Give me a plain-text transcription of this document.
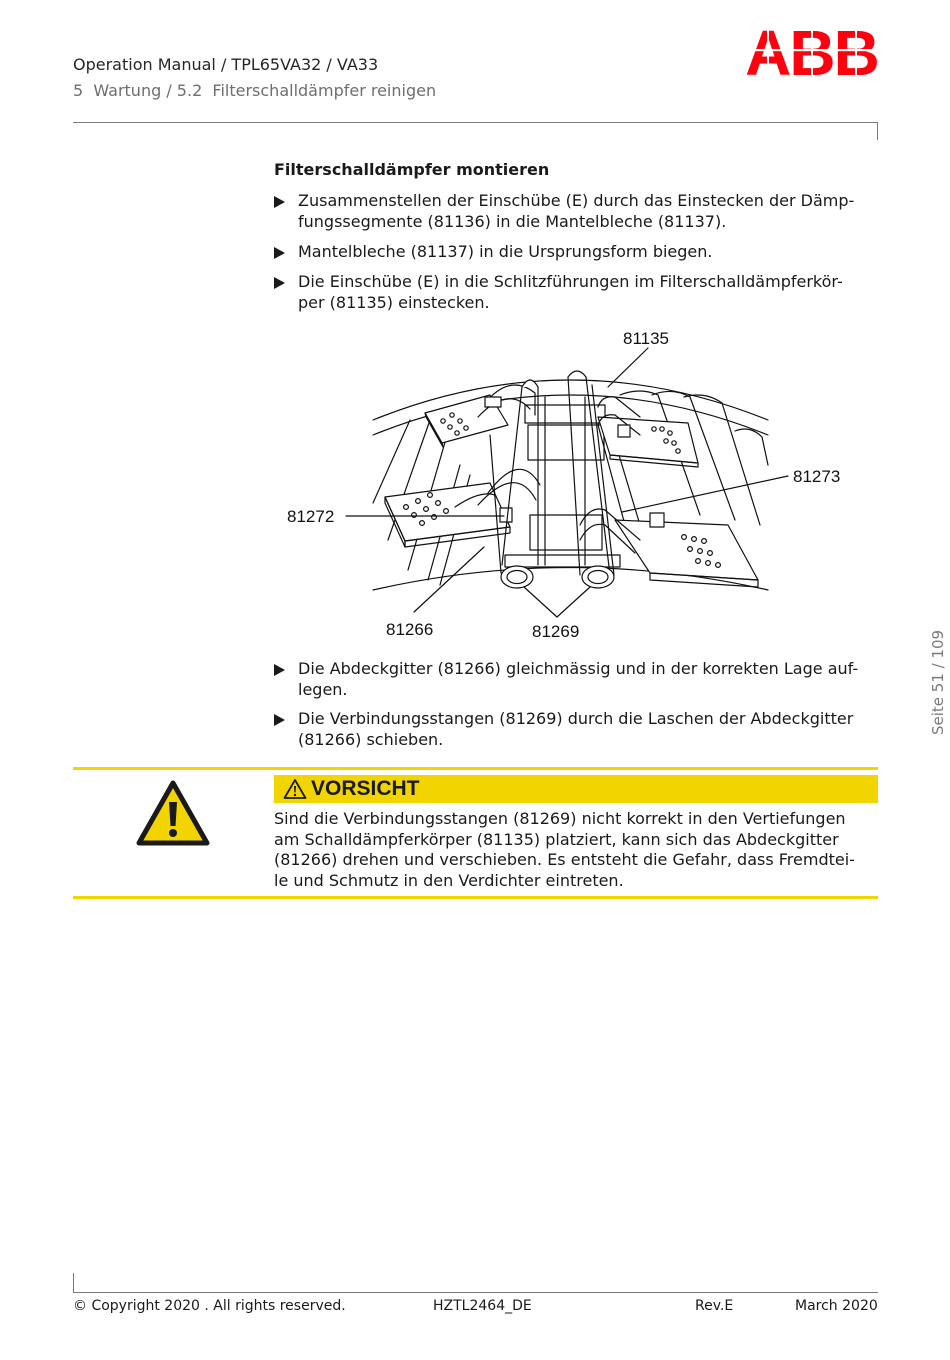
Operation Manual / TPL65VA32 / VA33
5  Wartung / 5.2  Filterschalldämpfer reinigen
Filterschalldämpfer montieren
Zusammenstellen der Einschübe (E) durch das Einstecken der Dämp-
fungssegmente (81136) in die Mantelbleche (81137).
Mantelbleche (81137) in die Ursprungsform biegen.
Die Einschübe (E) in die Schlitzführungen im Filterschalldämpferkör-
per (81135) einstecken.
81135
81273
81272
81266	81269
Die Abdeckgitter (81266) gleichmässig und in der korrekten Lage auf-
legen.
Die Verbindungsstangen (81269) durch die Laschen der Abdeckgitter
(81266) schieben.
VORSICHT
Sind die Verbindungsstangen (81269) nicht korrekt in den Vertiefungen
am Schalldämpferkörper (81135) platziert, kann sich das Abdeckgitter
(81266) drehen und verschieben. Es entsteht die Gefahr, dass Fremdtei-
le und Schmutz in den Verdichter eintreten.
Seite 51 / 109
© Copyright 2020 . All rights reserved.	HZTL2464_DE	Rev.E	March 2020
